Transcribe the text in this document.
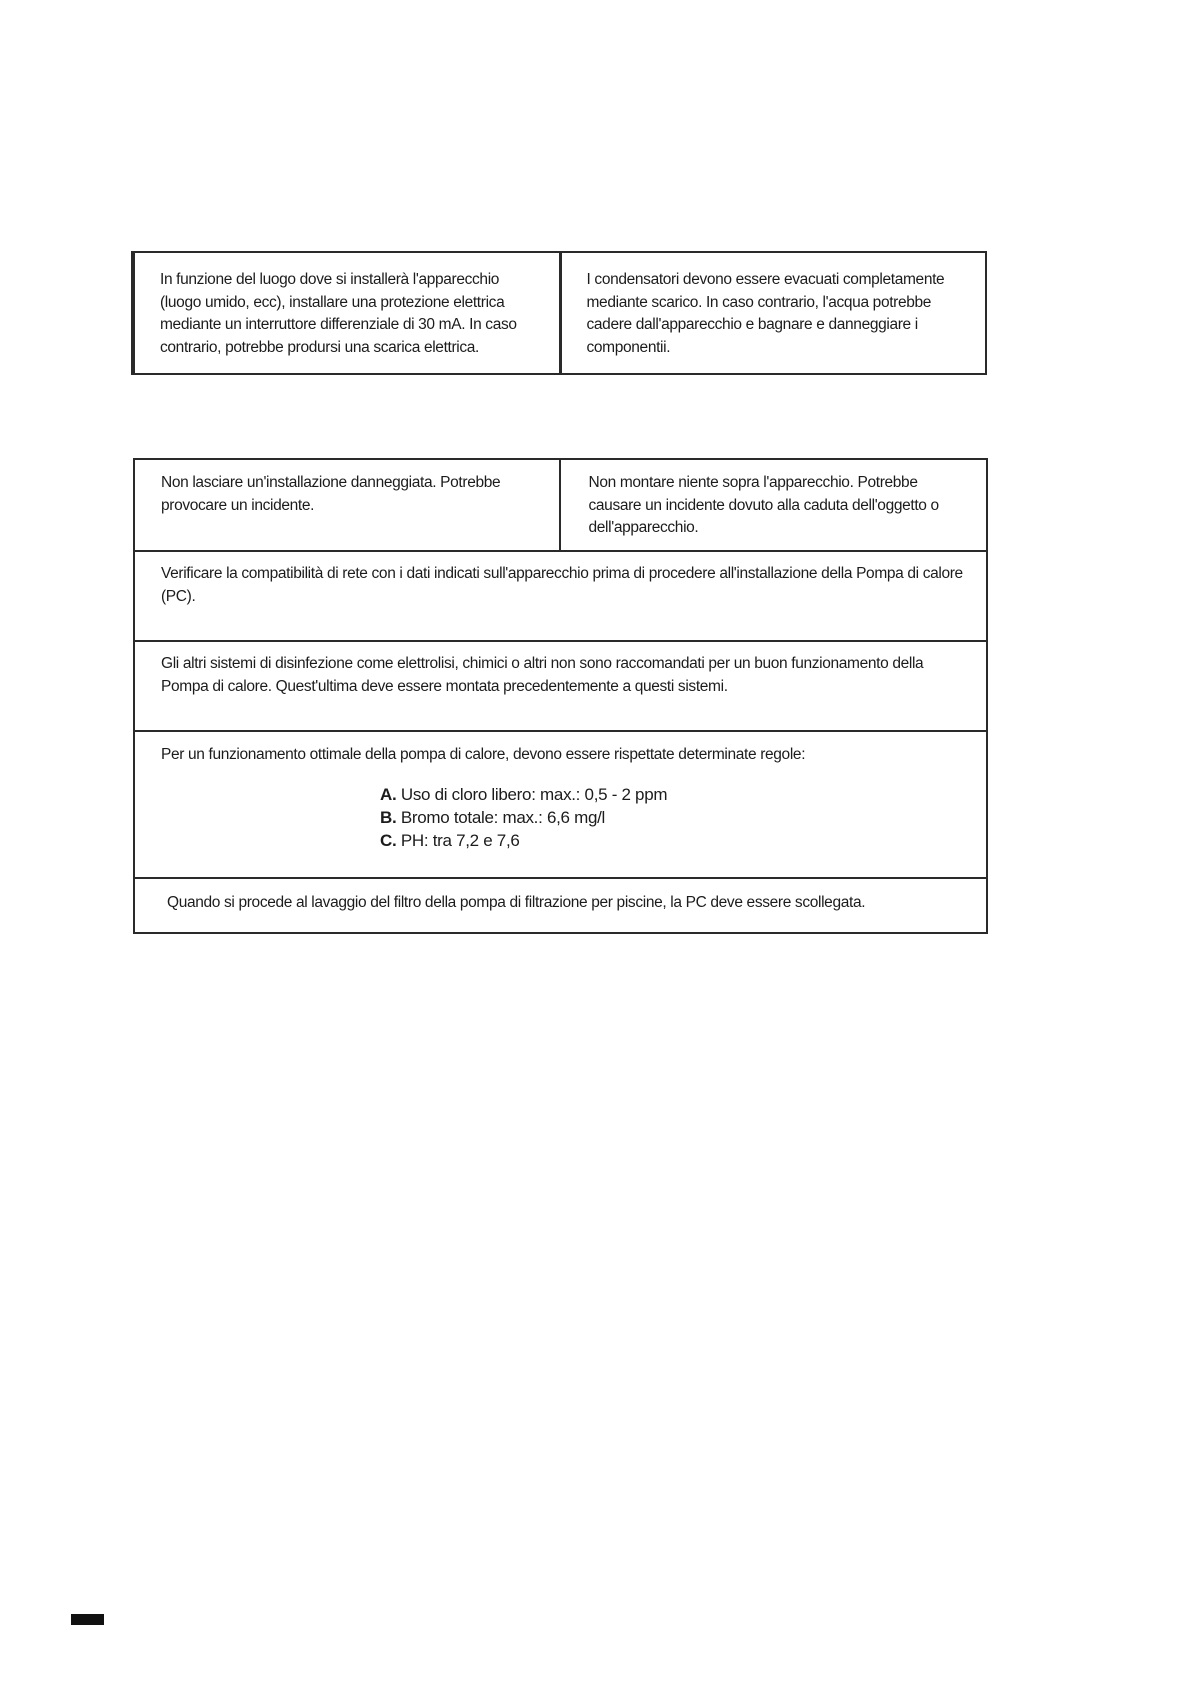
In funzione del luogo dove si installerà l'apparecchio (luogo umido, ecc), installare una protezione elettrica mediante un interruttore differenziale di 30 mA. In caso contrario, potrebbe prodursi una scarica elettrica.
I condensatori devono essere evacuati completamente mediante scarico. In caso contrario, l'acqua potrebbe cadere dall'apparecchio e bagnare e danneggiare i componentii.
Non lasciare un'installazione danneggiata. Potrebbe provocare un incidente.
Non montare niente sopra l'apparecchio. Potrebbe causare un incidente dovuto alla caduta dell'oggetto o dell'apparecchio.
Verificare la compatibilità di rete con i dati indicati sull'apparecchio prima di procedere all'installazione della Pompa di calore (PC).
Gli altri sistemi di disinfezione come elettrolisi, chimici o altri non sono raccomandati per un buon funzionamento della Pompa di calore. Quest'ultima deve essere montata precedentemente a questi sistemi.
Per un funzionamento ottimale della pompa di calore, devono essere rispettate determinate regole:
A. Uso di cloro libero: max.: 0,5 - 2 ppm
B. Bromo totale: max.: 6,6 mg/l
C. PH: tra 7,2 e 7,6
Quando si procede al lavaggio del filtro della pompa di filtrazione per piscine, la PC deve essere scollegata.
